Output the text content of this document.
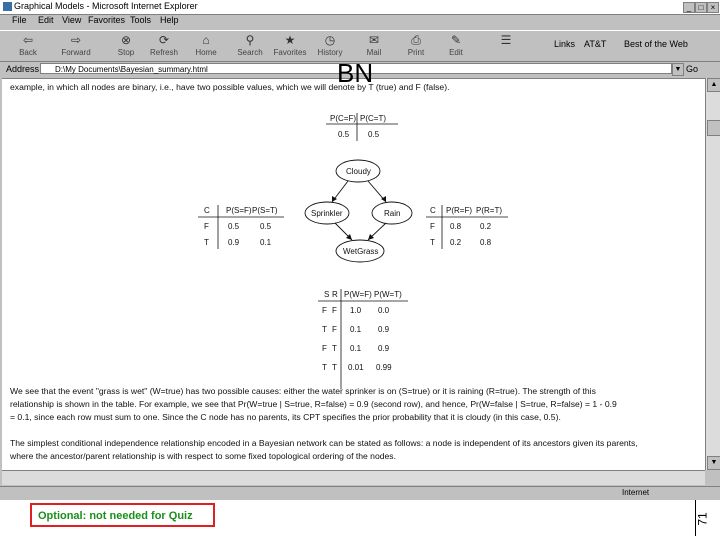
Graphical Models - Microsoft Internet Explorer	_ □ ×
File Edit View Favorites Tools Help
⇦
Back
⇨
Forward
⊗
Stop
⟳
Refresh
⌂
Home
⚲
Search
★
Favorites
◷
History
✉
Mail
⎙
Print
✎
Edit
☰	Links AT&T Best of the Web
Address	D:\My Documents\Bayesian_summary.html	▼ Go
example, in which all nodes are binary, i.e., have two possible values, which we will denote by T (true) and F (false).
P(C=F) P(C=T)
0.5 0.5
C P(S=F) P(S=T)
F 0.5	0.5
T 0.9	0.1
C P(R=F) P(R=T)
F 0.8 0.2
T 0.2 0.8
Cloudy
Sprinkler	Rain
WetGrass
S R P(W=F) P(W=T)
F F 1.0 0.0
T F 0.1 0.9
F T 0.1 0.9
T T 0.01 0.99
We see that the event "grass is wet" (W=true) has two possible causes: either the water sprinker is on (S=true) or it is raining (R=true). The strength of this
relationship is shown in the table. For example, we see that Pr(W=true | S=true, R=false) = 0.9 (second row), and hence, Pr(W=false | S=true, R=false) = 1 - 0.9
= 0.1, since each row must sum to one. Since the C node has no parents, its CPT specifies the prior probability that it is cloudy (in this case, 0.5).
The simplest conditional independence relationship encoded in a Bayesian network can be stated as follows: a node is independent of its ancestors given its parents,
where the ancestor/parent relationship is with respect to some fixed topological ordering of the nodes.
▲
▼
Internet
BN
71
Optional: not needed for Quiz
